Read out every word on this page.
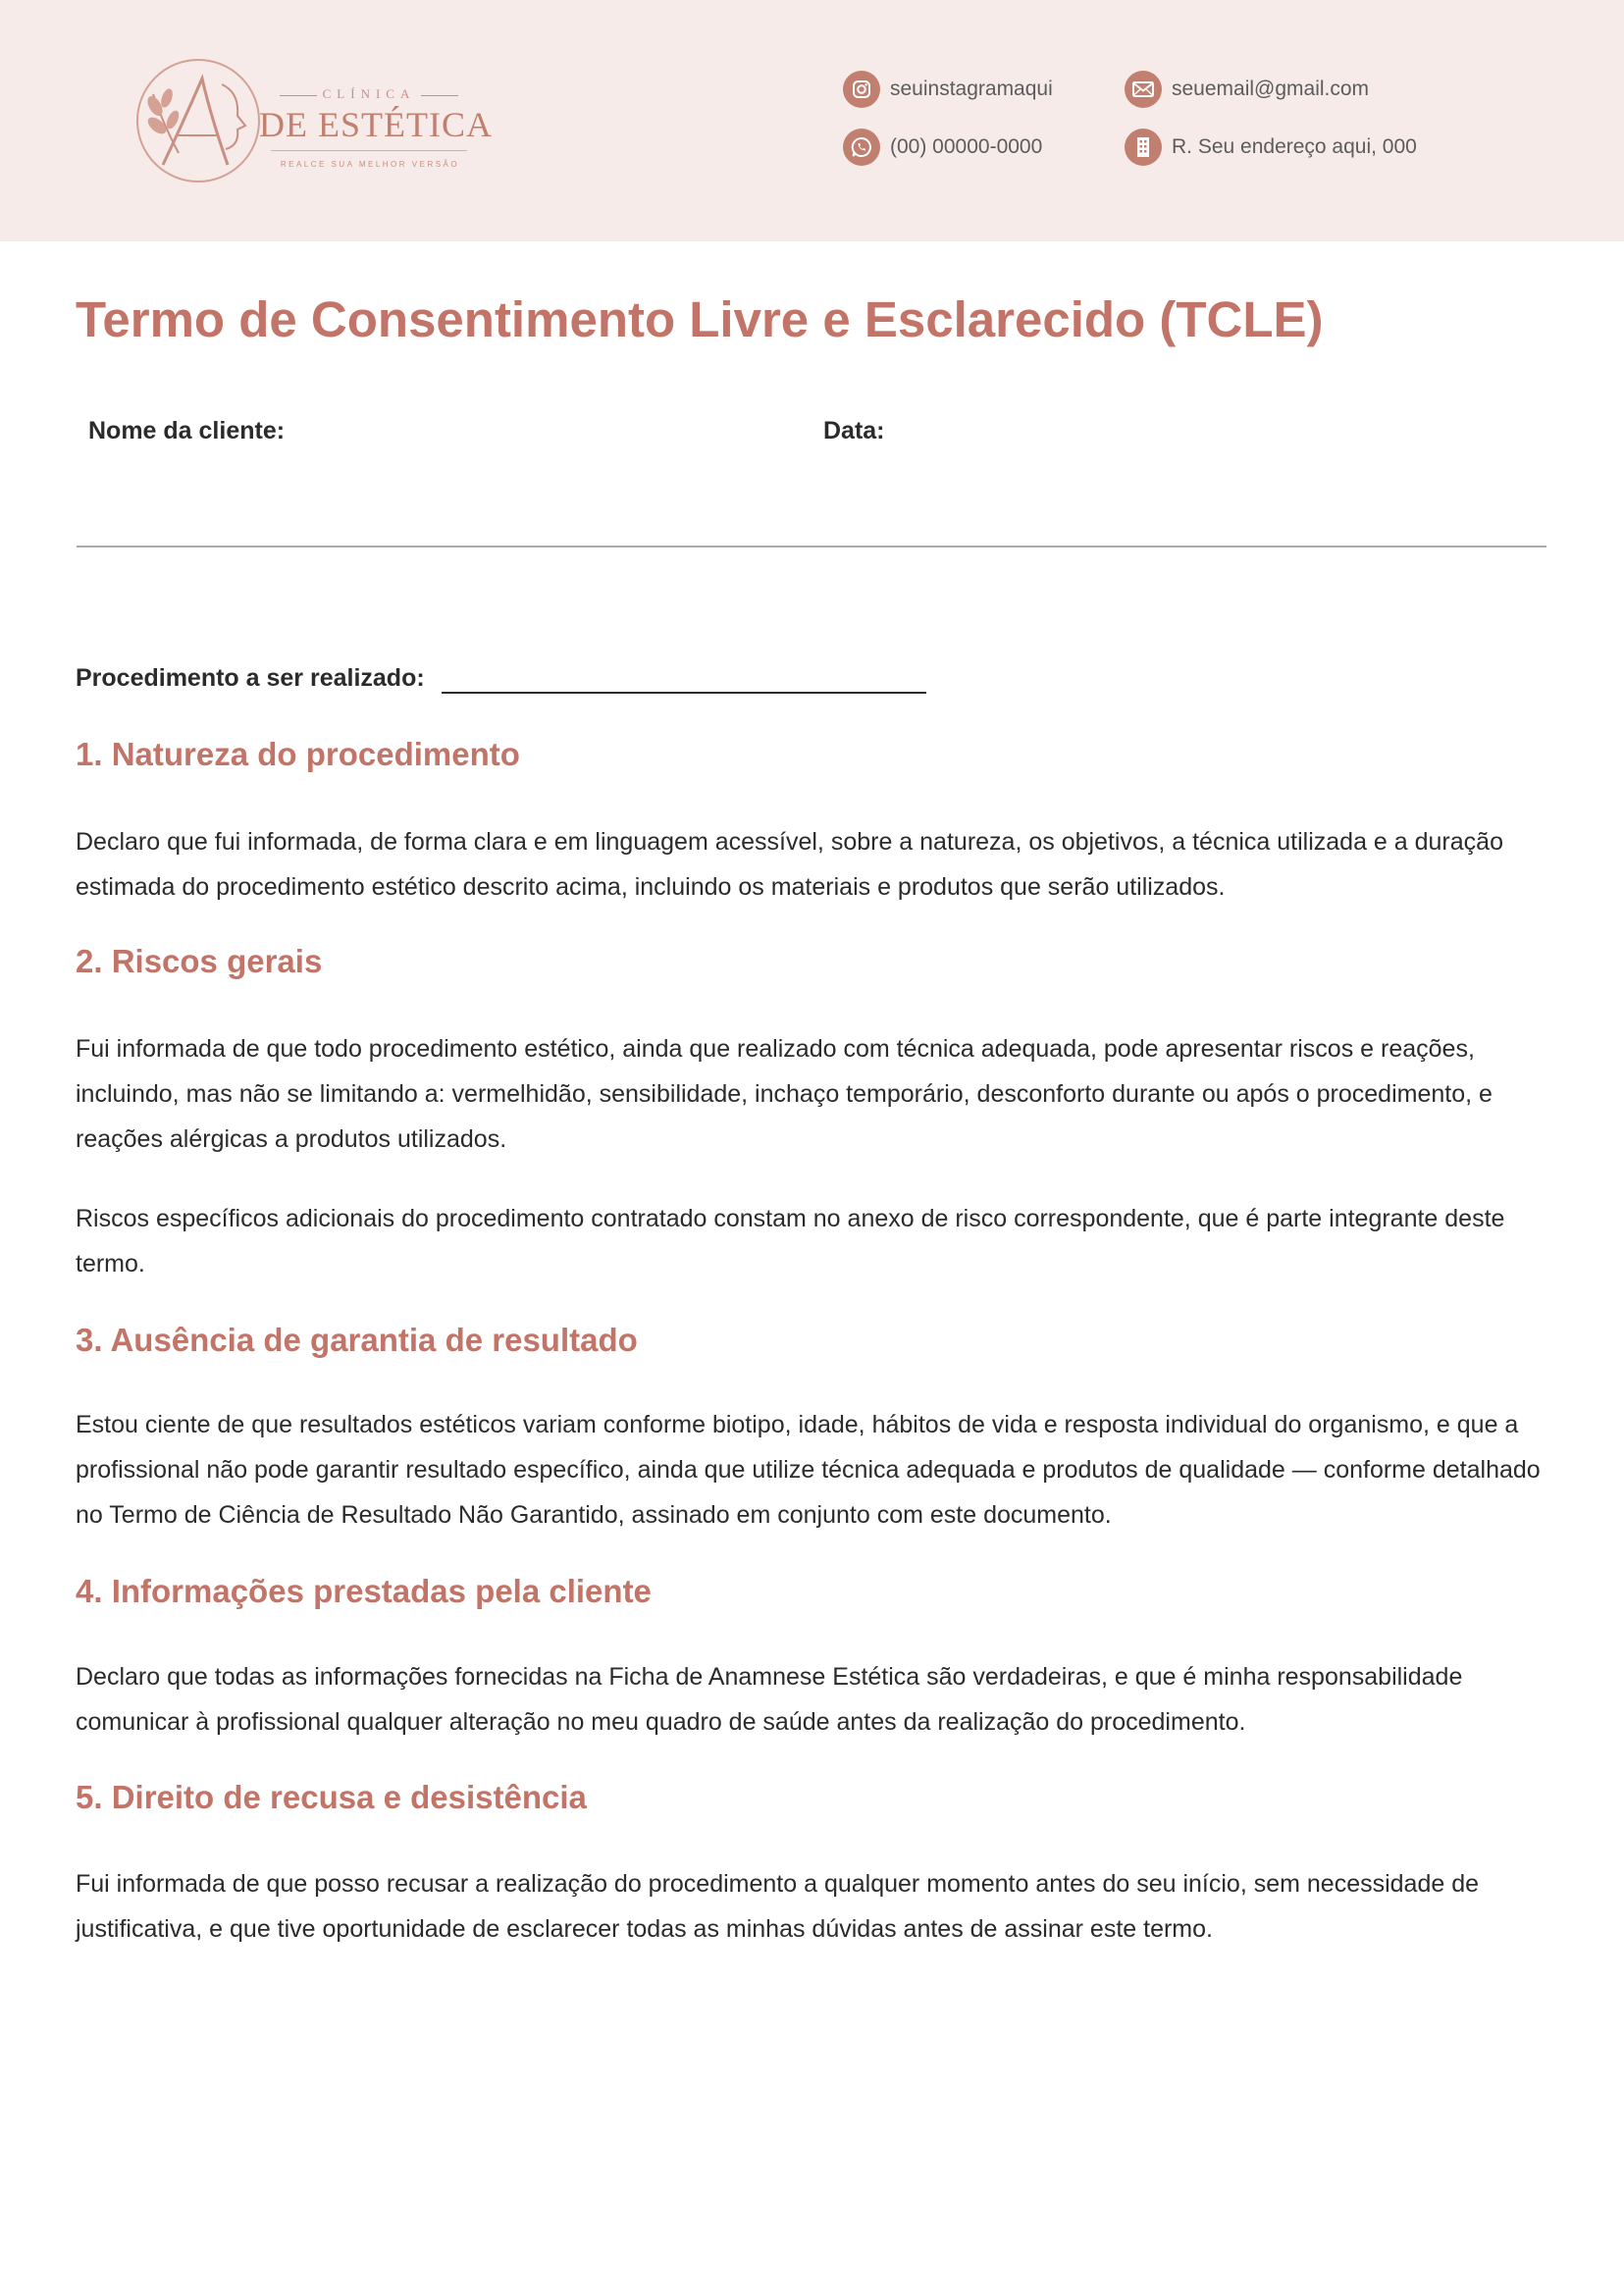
CLÍNICA
DE ESTÉTICA
REALCE SUA MELHOR VERSÃO
seuinstagramaqui	seuemail@gmail.com
(00) 00000-0000	R. Seu endereço aqui, 000
Termo de Consentimento Livre e Esclarecido (TCLE)
Nome da cliente:	Data:
Procedimento a ser realizado:
1. Natureza do procedimento

Declaro que fui informada, de forma clara e em linguagem acessível, sobre a natureza, os objetivos, a técnica utilizada e a duração estimada do procedimento estético descrito acima, incluindo os materiais e produtos que serão utilizados.

2. Riscos gerais

Fui informada de que todo procedimento estético, ainda que realizado com técnica adequada, pode apresentar riscos e reações, incluindo, mas não se limitando a: vermelhidão, sensibilidade, inchaço temporário, desconforto durante ou após o procedimento, e reações alérgicas a produtos utilizados.

Riscos específicos adicionais do procedimento contratado constam no anexo de risco correspondente, que é parte integrante deste termo.

3. Ausência de garantia de resultado

Estou ciente de que resultados estéticos variam conforme biotipo, idade, hábitos de vida e resposta individual do organismo, e que a profissional não pode garantir resultado específico, ainda que utilize técnica adequada e produtos de qualidade — conforme detalhado no Termo de Ciência de Resultado Não Garantido, assinado em conjunto com este documento.

4. Informações prestadas pela cliente

Declaro que todas as informações fornecidas na Ficha de Anamnese Estética são verdadeiras, e que é minha responsabilidade comunicar à profissional qualquer alteração no meu quadro de saúde antes da realização do procedimento.

5. Direito de recusa e desistência

Fui informada de que posso recusar a realização do procedimento a qualquer momento antes do seu início, sem necessidade de justificativa, e que tive oportunidade de esclarecer todas as minhas dúvidas antes de assinar este termo.
